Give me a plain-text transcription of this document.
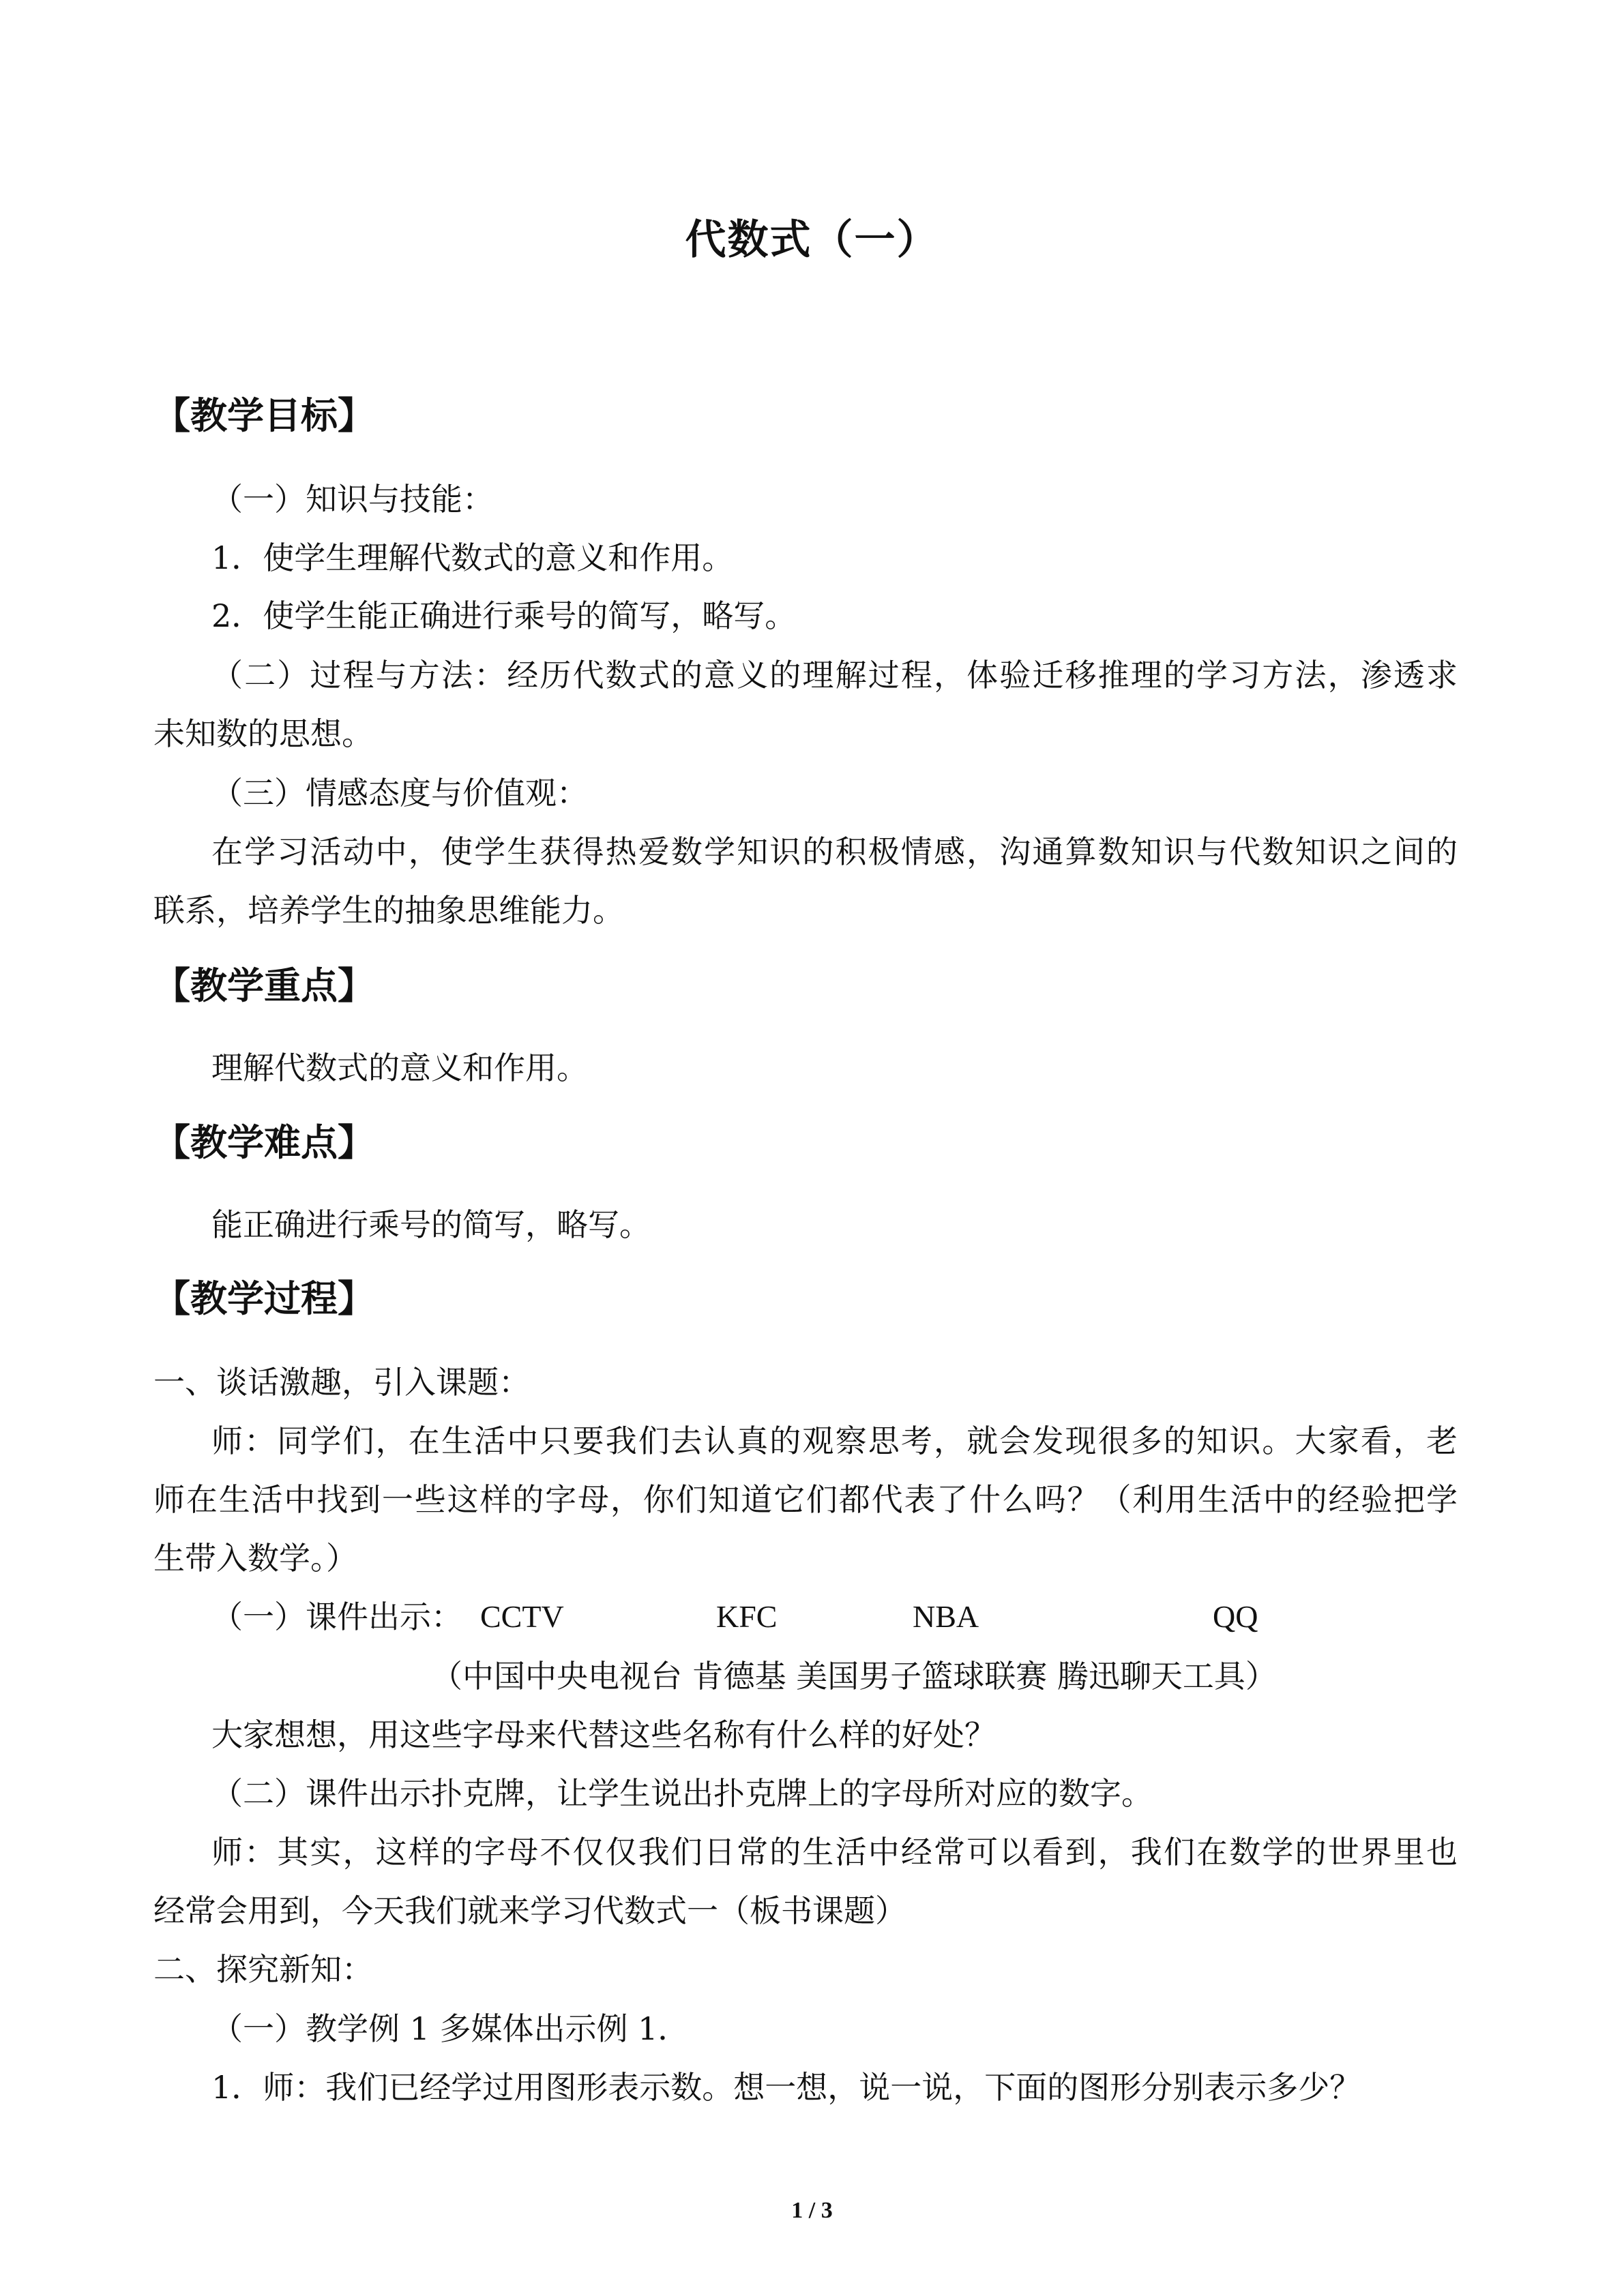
代数式（一）
【教学目标】
（一）知识与技能：
1．使学生理解代数式的意义和作用。
2．使学生能正确进行乘号的简写，略写。
（二）过程与方法：经历代数式的意义的理解过程，体验迁移推理的学习方法，渗透求
未知数的思想。
（三）情感态度与价值观：
在学习活动中，使学生获得热爱数学知识的积极情感，沟通算数知识与代数知识之间的
联系，培养学生的抽象思维能力。
【教学重点】
理解代数式的意义和作用。
【教学难点】
能正确进行乘号的简写，略写。
【教学过程】
一、谈话激趣，引入课题：
师：同学们，在生活中只要我们去认真的观察思考，就会发现很多的知识。大家看，老
师在生活中找到一些这样的字母，你们知道它们都代表了什么吗？（利用生活中的经验把学
生带入数学。）
（一）课件出示： CCTV	KFC	NBA	QQ
（中国中央电视台 肯德基 美国男子篮球联赛 腾迅聊天工具）
大家想想，用这些字母来代替这些名称有什么样的好处？
（二）课件出示扑克牌，让学生说出扑克牌上的字母所对应的数字。
师：其实，这样的字母不仅仅我们日常的生活中经常可以看到，我们在数学的世界里也
经常会用到，今天我们就来学习代数式一（板书课题）
二、探究新知：
（一）教学例 1 多媒体出示例 1．
1．师：我们已经学过用图形表示数。想一想，说一说，下面的图形分别表示多少？
1 / 3
